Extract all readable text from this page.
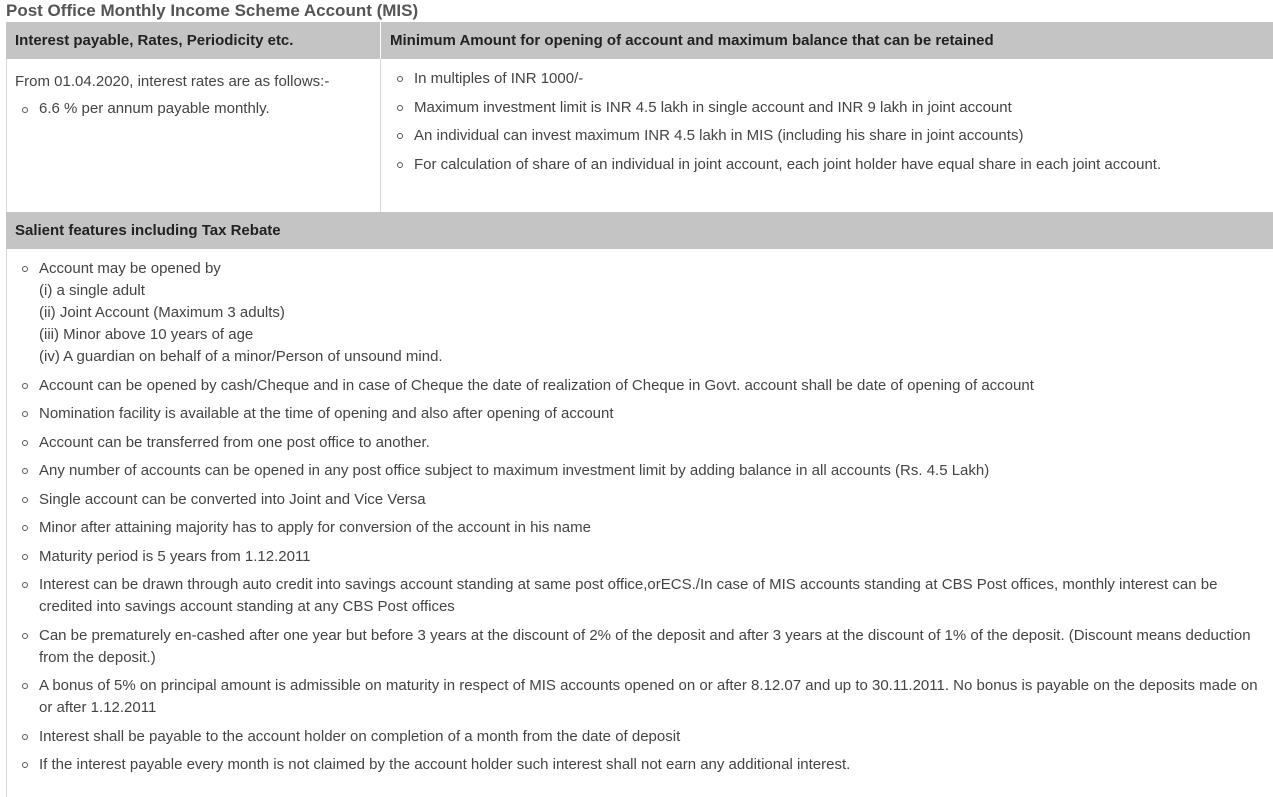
Post Office Monthly Income Scheme Account (MIS)
Interest payable, Rates, Periodicity etc.	Minimum Amount for opening of account and maximum balance that can be retained
From 01.04.2020, interest rates are as follows:-
6.6 % per annum payable monthly.
In multiples of INR 1000/-
Maximum investment limit is INR 4.5 lakh in single account and INR 9 lakh in joint account
An individual can invest maximum INR 4.5 lakh in MIS (including his share in joint accounts)
For calculation of share of an individual in joint account, each joint holder have equal share in each joint account.
Salient features including Tax Rebate
Account may be opened by
(i) a single adult
(ii) Joint Account (Maximum 3 adults)
(iii) Minor above 10 years of age
(iv) A guardian on behalf of a minor/Person of unsound mind.
Account can be opened by cash/Cheque and in case of Cheque the date of realization of Cheque in Govt. account shall be date of opening of account
Nomination facility is available at the time of opening and also after opening of account
Account can be transferred from one post office to another.
Any number of accounts can be opened in any post office subject to maximum investment limit by adding balance in all accounts (Rs. 4.5 Lakh)
Single account can be converted into Joint and Vice Versa
Minor after attaining majority has to apply for conversion of the account in his name
Maturity period is 5 years from 1.12.2011
Interest can be drawn through auto credit into savings account standing at same post office,orECS./In case of MIS accounts standing at CBS Post offices, monthly interest can be credited into savings account standing at any CBS Post offices
Can be prematurely en-cashed after one year but before 3 years at the discount of 2% of the deposit and after 3 years at the discount of 1% of the deposit. (Discount means deduction from the deposit.)
A bonus of 5% on principal amount is admissible on maturity in respect of MIS accounts opened on or after 8.12.07 and up to 30.11.2011. No bonus is payable on the deposits made on or after 1.12.2011
Interest shall be payable to the account holder on completion of a month from the date of deposit
If the interest payable every month is not claimed by the account holder such interest shall not earn any additional interest.
